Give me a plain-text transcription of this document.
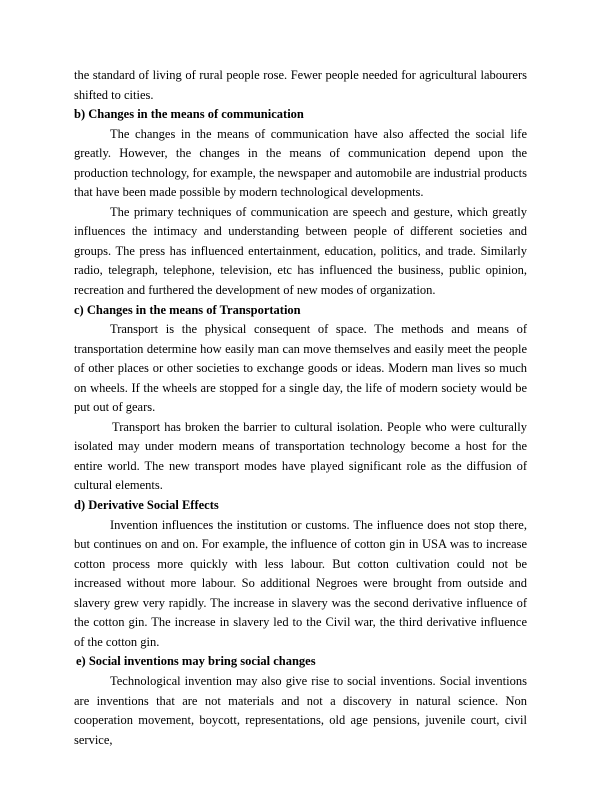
the standard of living of rural people rose. Fewer people needed for agricultural labourers shifted to cities.

b) Changes in the means of communication

The changes in the means of communication have also affected the social life greatly. However, the changes in the means of communication depend upon the production technology, for example, the newspaper and automobile are industrial products that have been made possible by modern technological developments.

The primary techniques of communication are speech and gesture, which greatly influences the intimacy and understanding between people of different societies and groups. The press has influenced entertainment, education, politics, and trade. Similarly radio, telegraph, telephone, television, etc has influenced the business, public opinion, recreation and furthered the development of new modes of organization.

c) Changes in the means of Transportation

Transport is the physical consequent of space. The methods and means of transportation determine how easily man can move themselves and easily meet the people of other places or other societies to exchange goods or ideas. Modern man lives so much on wheels. If the wheels are stopped for a single day, the life of modern society would be put out of gears.

Transport has broken the barrier to cultural isolation. People who were culturally isolated may under modern means of transportation technology become a host for the entire world. The new transport modes have played significant role as the diffusion of cultural elements.

d) Derivative Social Effects

Invention influences the institution or customs. The influence does not stop there, but continues on and on. For example, the influence of cotton gin in USA was to increase cotton process more quickly with less labour. But cotton cultivation could not be increased without more labour. So additional Negroes were brought from outside and slavery grew very rapidly. The increase in slavery was the second derivative influence of the cotton gin. The increase in slavery led to the Civil war, the third derivative influence of the cotton gin.

e) Social inventions may bring social changes

Technological invention may also give rise to social inventions. Social inventions are inventions that are not materials and not a discovery in natural science. Non cooperation movement, boycott, representations, old age pensions, juvenile court, civil service,
